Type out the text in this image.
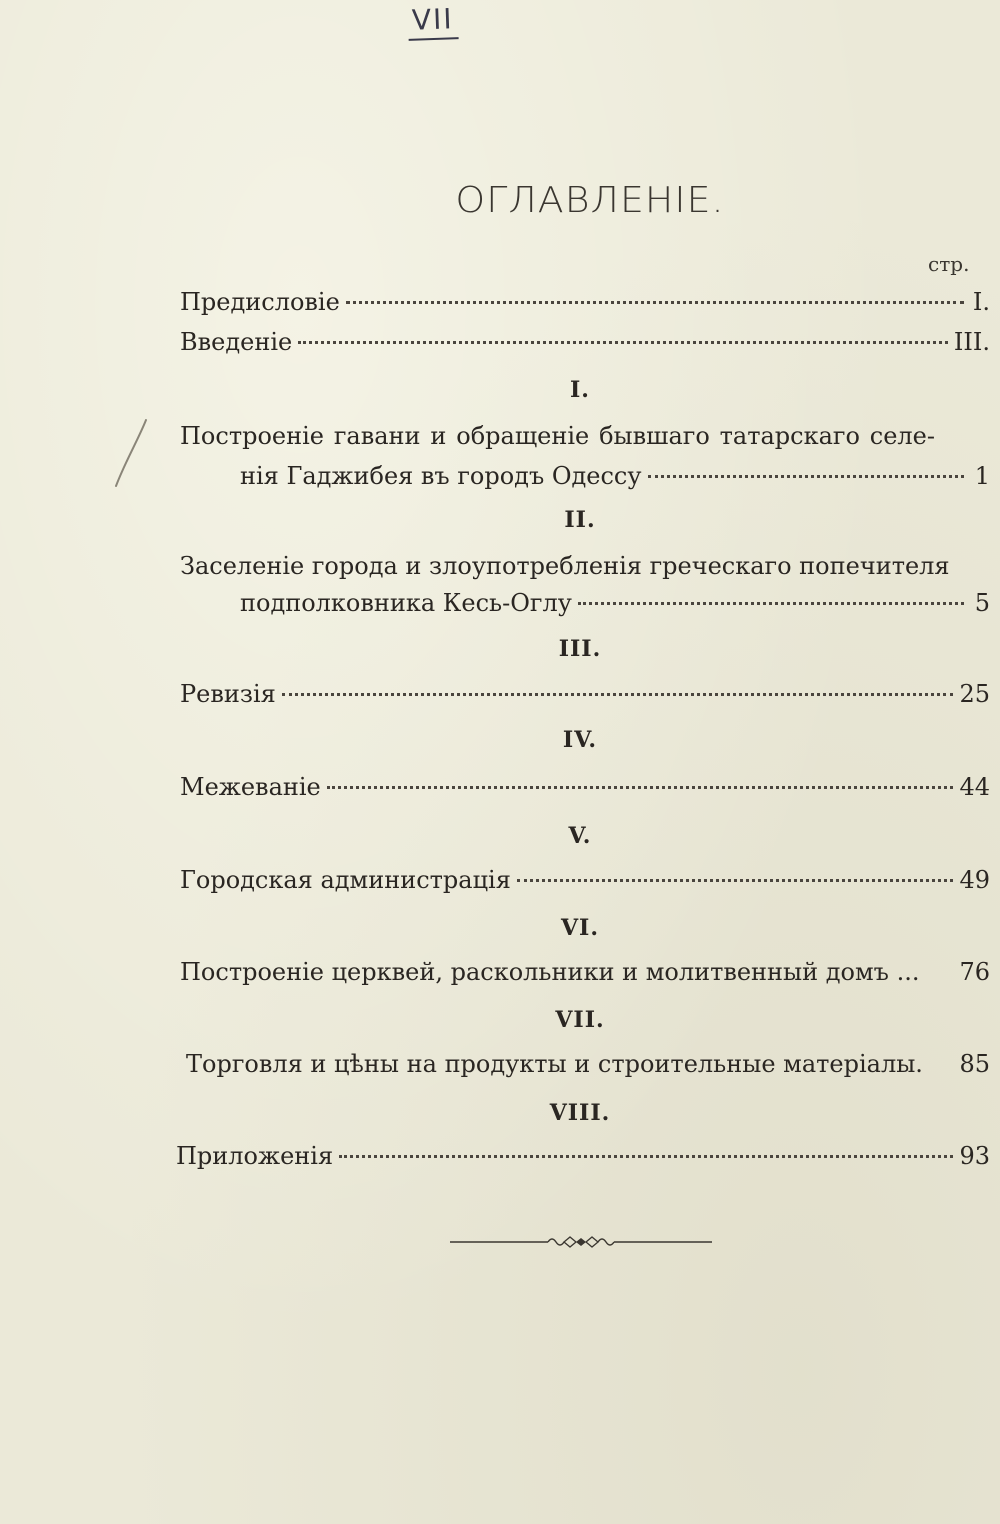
VII
ОГЛАВЛЕНІЕ.
стр.
Предисловіе	I.
Введеніе	III.
I.
Построеніе гавани и обращеніе бывшаго татарскаго селе-
нія Гаджибея въ городъ Одессу	1
II.
Заселеніе города и злоупотребленія греческаго попечителя
подполковника Кесь-Оглу	5
III.
Ревизія	25
IV.
Межеваніе	44
V.
Городская администрація	49
VI.
Построеніе церквей, раскольники и молитвенный домъ ... 76
VII.
Торговля и цѣны на продукты и строительные матеріалы. 85
VIII.
Приложенія	93
